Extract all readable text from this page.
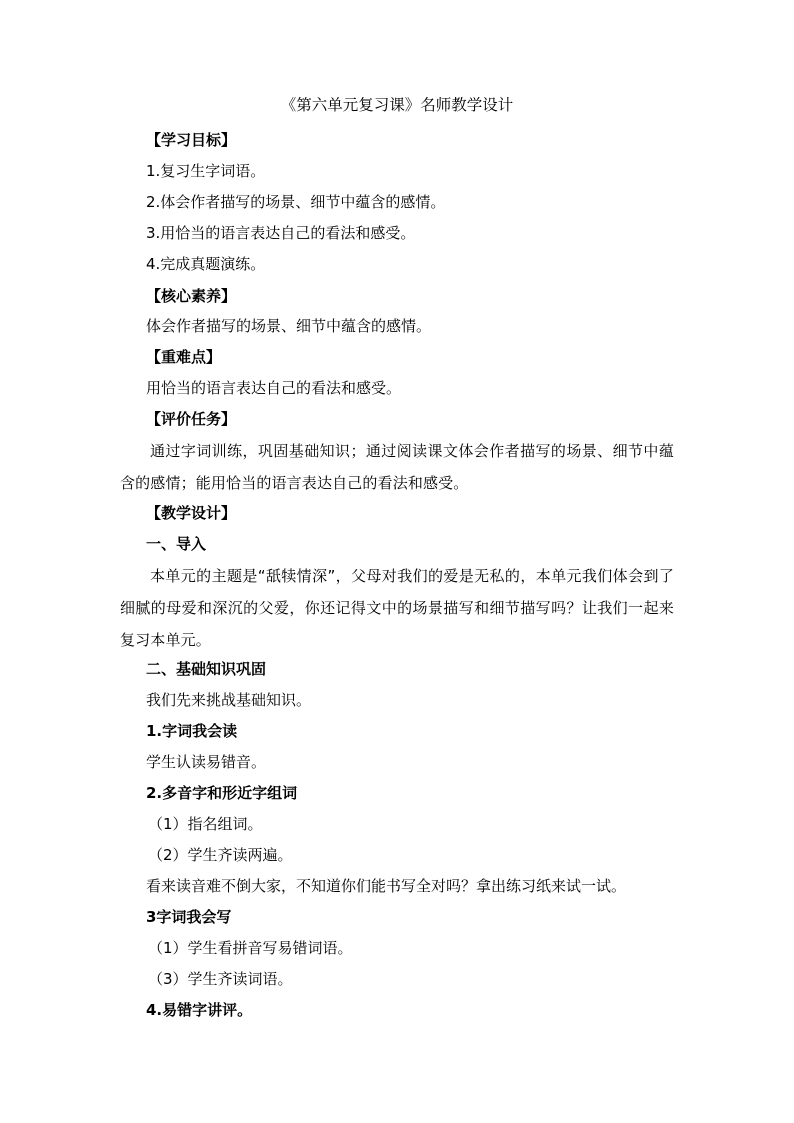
《第六单元复习课》名师教学设计
【学习目标】
1.复习生字词语。
2.体会作者描写的场景、细节中蕴含的感情。
3.用恰当的语言表达自己的看法和感受。
4.完成真题演练。
【核心素养】
体会作者描写的场景、细节中蕴含的感情。
【重难点】
用恰当的语言表达自己的看法和感受。
【评价任务】
通过字词训练，巩固基础知识；通过阅读课文体会作者描写的场景、细节中蕴含的感情；能用恰当的语言表达自己的看法和感受。
【教学设计】
一、导入
本单元的主题是“舐犊情深”，父母对我们的爱是无私的，本单元我们体会到了细腻的母爱和深沉的父爱，你还记得文中的场景描写和细节描写吗？让我们一起来复习本单元。
二、基础知识巩固
我们先来挑战基础知识。
1.字词我会读
学生认读易错音。
2.多音字和形近字组词
（1）指名组词。
（2）学生齐读两遍。
看来读音难不倒大家，不知道你们能书写全对吗？拿出练习纸来试一试。
3字词我会写
（1）学生看拼音写易错词语。
（3）学生齐读词语。
4.易错字讲评。
